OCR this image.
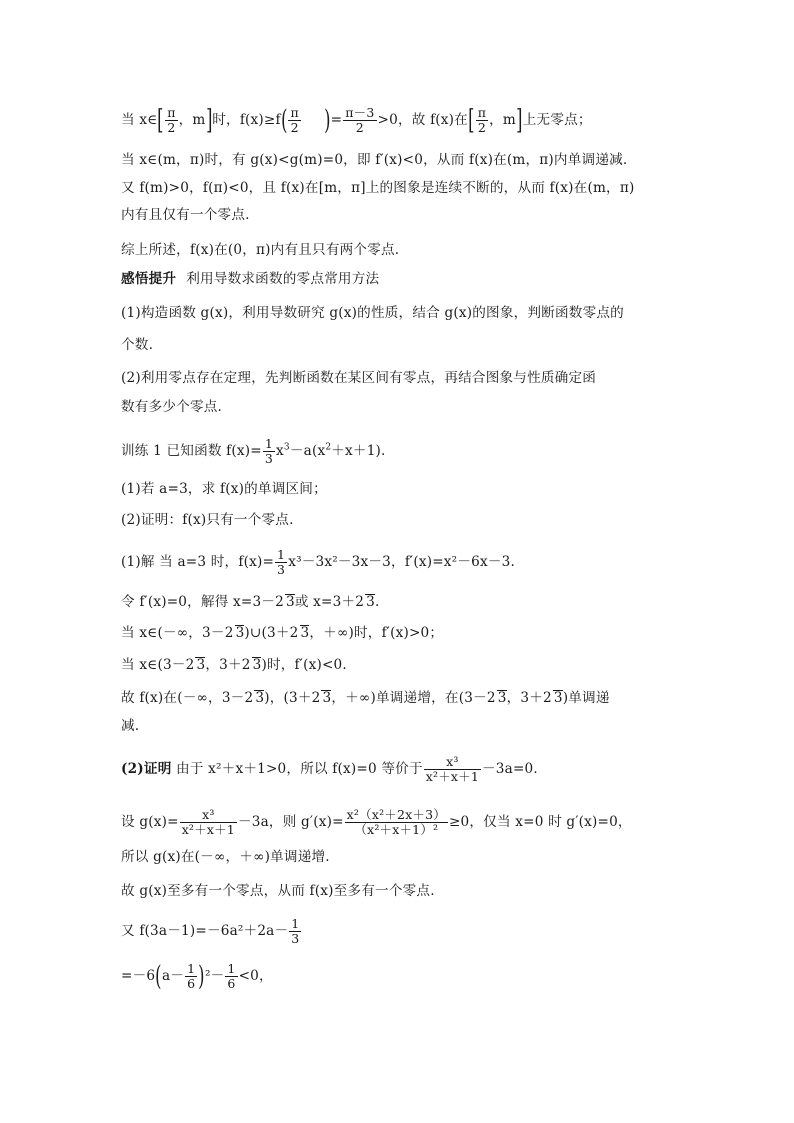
当 x∈[ $\frac{\pi}{2}$ ，m]时，$f(x)\ge f( \frac{\pi}{2}$ )= $\frac{\pi-3}{2} >0$，故 f(x)在[ $\frac{\pi}{2}$ ，m]上无零点；
当 x∈(m，π)时，有 g(x)<g(m)=0，即 f′(x)<0，从而 f(x)在(m，π)内单调递减.
又 f(m)>0，f(π)<0，且 f(x)在[m，π]上的图象是连续不断的，从而 f(x)在(m，π)
内有且仅有一个零点.
综上所述，f(x)在(0，π)内有且只有两个零点.
感悟提升 利用导数求函数的零点常用方法
(1)构造函数 g(x)，利用导数研究 g(x)的性质，结合 g(x)的图象，判断函数零点的
个数.
(2)利用零点存在定理，先判断函数在某区间有零点，再结合图象与性质确定函
数有多少个零点.
训练 1 已知函数 $f(x)= \frac{1}{3} x^3-a(x^2+x+1)$.
(1)若 a=3，求 f(x)的单调区间；
(2)证明：f(x)只有一个零点.
(1)解 当 a=3 时，$f(x)= \frac{1}{3} x^3-3x^2-3x-3$，f′(x)=x²－6x－3.
令 f′(x)=0，解得 x=3－2 3或 x=3＋2 3.
当 x∈(－∞，3－2 3)∪(3＋2 3，＋∞)时，f′(x)>0；
当 x∈(3－2 3，3＋2 3)时，f′(x)<0.
故 f(x)在(－∞，3－2 3)，(3＋2 3，＋∞)单调递增，在(3－2 3，3＋2 3)单调递
减.
(2)证明 由于 x²＋x＋1>0，所以 f(x)=0 等价于 $\frac{\text{x³}}{\text{x²＋x＋1}} -3a=0$.
设 $g(x)= \frac{\text{x³}}{\text{x²＋x＋1}} -3a$，则 $g'(x)= \frac{\text{x²（x²＋2x＋3）}}{\text{（x²＋x＋1）²}} \ge 0$，仅当 x=0 时 g′(x)=0，
所以 g(x)在(－∞，＋∞)单调递增.
故 g(x)至多有一个零点，从而 f(x)至多有一个零点.
又 $f(3a-1)=-6a^2+2a- \frac{1}{3}$
$=-6(a- \frac{1}{6} )^2- \frac{1}{6} <0$，
